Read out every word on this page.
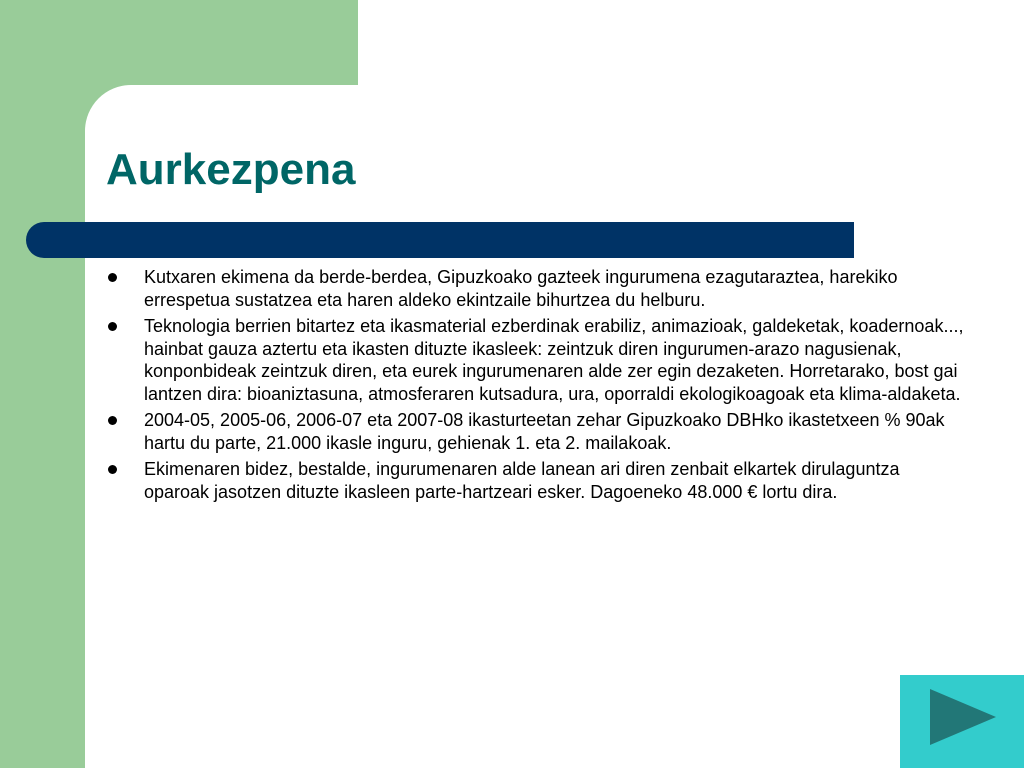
Aurkezpena
Kutxaren ekimena da berde-berdea, Gipuzkoako gazteek ingurumena ezagutaraztea, harekiko errespetua sustatzea eta haren aldeko ekintzaile bihurtzea du helburu.
Teknologia berrien bitartez eta ikasmaterial ezberdinak erabiliz, animazioak, galdeketak, koadernoak..., hainbat gauza aztertu eta ikasten dituzte ikasleek: zeintzuk diren ingurumen-arazo nagusienak, konponbideak zeintzuk diren, eta eurek ingurumenaren alde zer egin dezaketen. Horretarako, bost gai lantzen dira: bioaniztasuna, atmosferaren kutsadura, ura, oporraldi ekologikoagoak eta klima-aldaketa.
2004-05, 2005-06, 2006-07 eta 2007-08 ikasturteetan zehar Gipuzkoako DBHko ikastetxeen % 90ak hartu du parte, 21.000 ikasle inguru, gehienak 1. eta 2. mailakoak.
Ekimenaren bidez, bestalde, ingurumenaren alde lanean ari diren zenbait elkartek dirulaguntza oparoak jasotzen dituzte ikasleen parte-hartzeari esker. Dagoeneko 48.000 € lortu dira.
